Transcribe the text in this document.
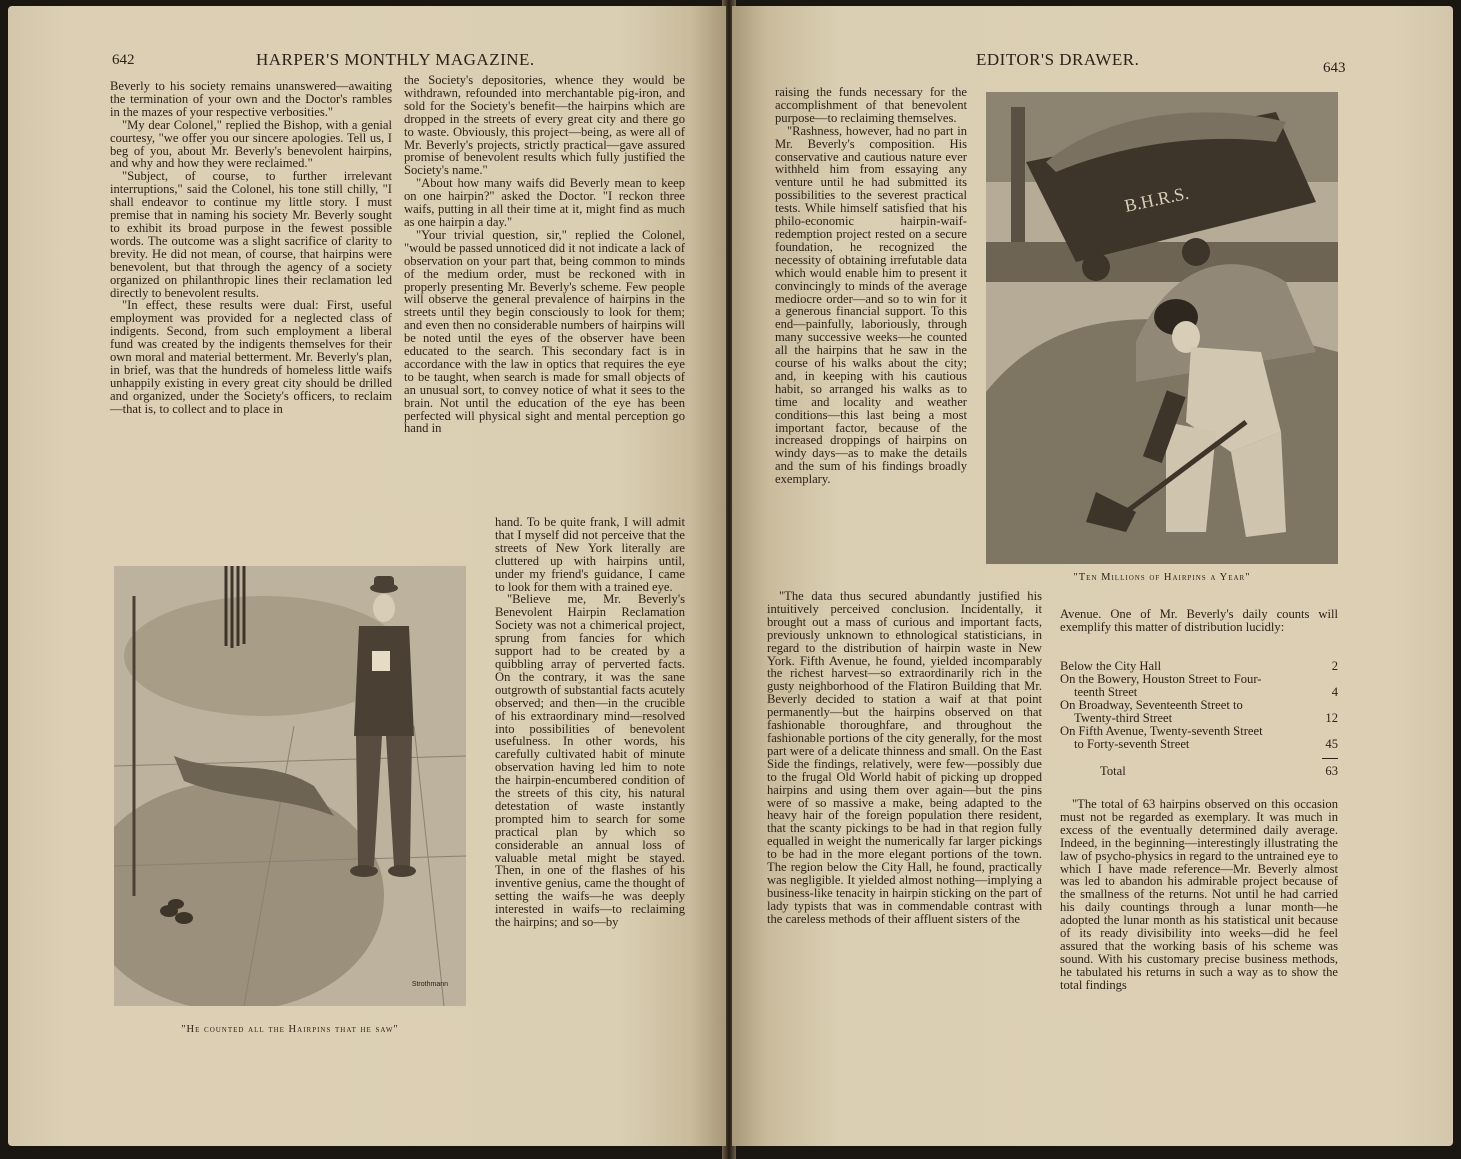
642	HARPER'S MONTHLY MAGAZINE.

Beverly to his society remains unanswered—awaiting the termination of your own and the Doctor's rambles in the mazes of your respective verbosities."

"My dear Colonel," replied the Bishop, with a genial courtesy, "we offer you our sincere apologies. Tell us, I beg of you, about Mr. Beverly's benevolent hairpins, and why and how they were reclaimed."

"Subject, of course, to further irrelevant interruptions," said the Colonel, his tone still chilly, "I shall endeavor to continue my little story. I must premise that in naming his society Mr. Beverly sought to exhibit its broad purpose in the fewest possible words. The outcome was a slight sacrifice of clarity to brevity. He did not mean, of course, that hairpins were benevolent, but that through the agency of a society organized on philanthropic lines their reclamation led directly to benevolent results.

"In effect, these results were dual: First, useful employment was provided for a neglected class of indigents. Second, from such employment a liberal fund was created by the indigents themselves for their own moral and material betterment. Mr. Beverly's plan, in brief, was that the hundreds of homeless little waifs unhappily existing in every great city should be drilled and organized, under the Society's officers, to reclaim—that is, to collect and to place in

the Society's depositories, whence they would be withdrawn, refounded into merchantable pig-iron, and sold for the Society's benefit—the hairpins which are dropped in the streets of every great city and there go to waste. Obviously, this project—being, as were all of Mr. Beverly's projects, strictly practical—gave assured promise of benevolent results which fully justified the Society's name."

"About how many waifs did Beverly mean to keep on one hairpin?" asked the Doctor. "I reckon three waifs, putting in all their time at it, might find as much as one hairpin a day."

"Your trivial question, sir," replied the Colonel, "would be passed unnoticed did it not indicate a lack of observation on your part that, being common to minds of the medium order, must be reckoned with in properly presenting Mr. Beverly's scheme. Few people will observe the general prevalence of hairpins in the streets until they begin consciously to look for them; and even then no considerable numbers of hairpins will be noted until the eyes of the observer have been educated to the search. This secondary fact is in accordance with the law in optics that requires the eye to be taught, when search is made for small objects of an unusual sort, to convey notice of what it sees to the brain. Not until the education of the eye has been perfected will physical sight and mental perception go hand in

hand. To be quite frank, I will admit that I myself did not perceive that the streets of New York literally are cluttered up with hairpins until, under my friend's guidance, I came to look for them with a trained eye.

"Believe me, Mr. Beverly's Benevolent Hairpin Reclamation Society was not a chimerical project, sprung from fancies for which support had to be created by a quibbling array of perverted facts. On the contrary, it was the sane outgrowth of substantial facts acutely observed; and then—in the crucible of his extraordinary mind—resolved into possibilities of benevolent usefulness. In other words, his carefully cultivated habit of minute observation having led him to note the hairpin-encumbered condition of the streets of this city, his natural detestation of waste instantly prompted him to search for some practical plan by which so considerable an annual loss of valuable metal might be stayed. Then, in one of the flashes of his inventive genius, came the thought of setting the waifs—he was deeply interested in waifs—to reclaiming the hairpins; and so—by

Strothmann
"He counted all the Hairpins that he saw"
EDITOR'S DRAWER.	643

raising the funds necessary for the accomplishment of that benevolent purpose—to reclaiming themselves.

"Rashness, however, had no part in Mr. Beverly's composition. His conservative and cautious nature ever withheld him from essaying any venture until he had submitted its possibilities to the severest practical tests. While himself satisfied that his philo-economic hairpin-waif-redemption project rested on a secure foundation, he recognized the necessity of obtaining irrefutable data which would enable him to present it convincingly to minds of the average mediocre order—and so to win for it a generous financial support. To this end—painfully, laboriously, through many successive weeks—he counted all the hairpins that he saw in the course of his walks about the city; and, in keeping with his cautious habit, so arranged his walks as to time and locality and weather conditions—this last being a most important factor, because of the increased droppings of hairpins on windy days—as to make the details and the sum of his findings broadly exemplary.

B.H.R.S.
"Ten Millions of Hairpins a Year"

"The data thus secured abundantly justified his intuitively perceived conclusion. Incidentally, it brought out a mass of curious and important facts, previously unknown to ethnological statisticians, in regard to the distribution of hairpin waste in New York. Fifth Avenue, he found, yielded incomparably the richest harvest—so extraordinarily rich in the gusty neighborhood of the Flatiron Building that Mr. Beverly decided to station a waif at that point permanently—but the hairpins observed on that fashionable thoroughfare, and throughout the fashionable portions of the city generally, for the most part were of a delicate thinness and small. On the East Side the findings, relatively, were few—possibly due to the frugal Old World habit of picking up dropped hairpins and using them over again—but the pins were of so massive a make, being adapted to the heavy hair of the foreign population there resident, that the scanty pickings to be had in that region fully equalled in weight the numerically far larger pickings to be had in the more elegant portions of the town. The region below the City Hall, he found, practically was negligible. It yielded almost nothing—implying a business-like tenacity in hairpin sticking on the part of lady typists that was in commendable contrast with the careless methods of their affluent sisters of the

Avenue. One of Mr. Beverly's daily counts will exemplify this matter of distribution lucidly:

Below the City Hall	2
On the Bowery, Houston Street to Four-
teenth Street	4
On Broadway, Seventeenth Street to
Twenty-third Street	12
On Fifth Avenue, Twenty-seventh Street
to Forty-seventh Street	45
Total	63

"The total of 63 hairpins observed on this occasion must not be regarded as exemplary. It was much in excess of the eventually determined daily average. Indeed, in the beginning—interestingly illustrating the law of psycho-physics in regard to the untrained eye to which I have made reference—Mr. Beverly almost was led to abandon his admirable project because of the smallness of the returns. Not until he had carried his daily countings through a lunar month—he adopted the lunar month as his statistical unit because of its ready divisibility into weeks—did he feel assured that the working basis of his scheme was sound. With his customary precise business methods, he tabulated his returns in such a way as to show the total findings
